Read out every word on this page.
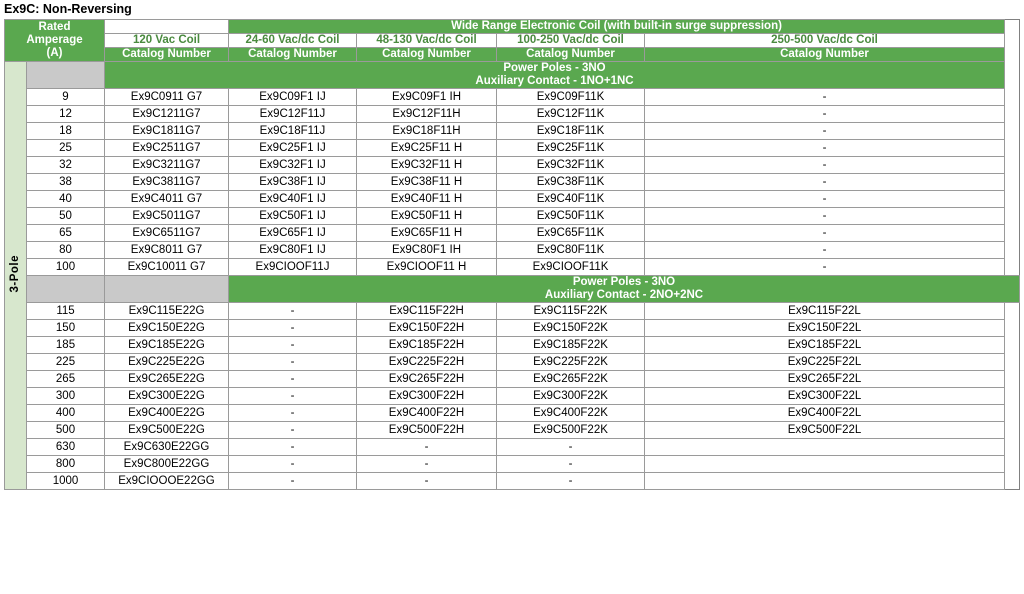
Ex9C: Non-Reversing
Rated
Amperage
(A)			Wide Range Electronic Coil (with built-in surge suppression)			
		120 Vac Coil	24-60 Vac/dc Coil	48-130 Vac/dc Coil	100-250 Vac/dc Coil	250-500 Vac/dc Coil
		Catalog Number	Catalog Number	Catalog Number	Catalog Number	Catalog Number
3-Pole		Power Poles - 3NO
Auxiliary Contact - 1NO+1NC				

	9	Ex9C0911 G7	Ex9C09F1 IJ	Ex9C09F1 IH	Ex9C09F11K	-
	12	Ex9C1211G7	Ex9C12F11J	Ex9C12F11H	Ex9C12F11K	-
	18	Ex9C1811G7	Ex9C18F11J	Ex9C18F11H	Ex9C18F11K	-
	25	Ex9C2511G7	Ex9C25F1 IJ	Ex9C25F11 H	Ex9C25F11K	-
	32	Ex9C3211G7	Ex9C32F1 IJ	Ex9C32F11 H	Ex9C32F11K	-
	38	Ex9C3811G7	Ex9C38F1 IJ	Ex9C38F11 H	Ex9C38F11K	-
	40	Ex9C4011 G7	Ex9C40F1 IJ	Ex9C40F11 H	Ex9C40F11K	-
	50	Ex9C5011G7	Ex9C50F1 IJ	Ex9C50F11 H	Ex9C50F11K	-
	65	Ex9C6511G7	Ex9C65F1 IJ	Ex9C65F11 H	Ex9C65F11K	-
	80	Ex9C8011 G7	Ex9C80F1 IJ	Ex9C80F1 IH	Ex9C80F11K	-
	100	Ex9C10011 G7	Ex9CIOOF11J	Ex9CIOOF11 H	Ex9CIOOF11K	-

			Power Poles - 3NO
Auxiliary Contact - 2NO+2NC			

	115	Ex9C115E22G	-	Ex9C115F22H	Ex9C115F22K	Ex9C115F22L
	150	Ex9C150E22G	-	Ex9C150F22H	Ex9C150F22K	Ex9C150F22L
	185	Ex9C185E22G	-	Ex9C185F22H	Ex9C185F22K	Ex9C185F22L
	225	Ex9C225E22G	-	Ex9C225F22H	Ex9C225F22K	Ex9C225F22L
	265	Ex9C265E22G	-	Ex9C265F22H	Ex9C265F22K	Ex9C265F22L
	300	Ex9C300E22G	-	Ex9C300F22H	Ex9C300F22K	Ex9C300F22L
	400	Ex9C400E22G	-	Ex9C400F22H	Ex9C400F22K	Ex9C400F22L
	500	Ex9C500E22G	-	Ex9C500F22H	Ex9C500F22K	Ex9C500F22L
	630	Ex9C630E22GG	-	-	-	
	800	Ex9C800E22GG	-	-	-	
	1000	Ex9CIOOOE22GG	-	-	-	
